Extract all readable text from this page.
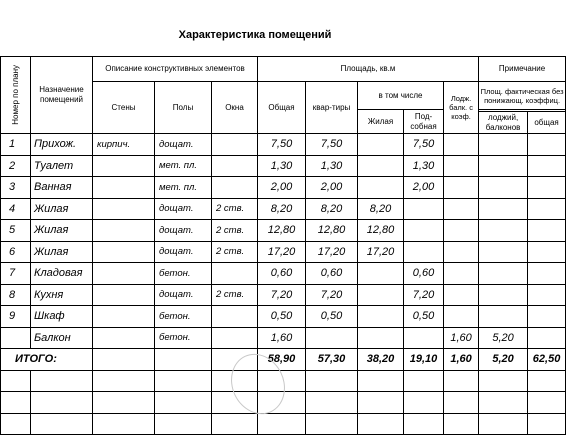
Характеристика помещений
Номер по плану	Назначение помещений	Описание конструктивных элементов			Площадь, кв.м					Примечание	
		Стены	Полы	Окна	Общая	квар-тиры	в том числе		Лодж. балк. с коэф.	Площ. фактическая без понижающ. коэффиц.	
							Жилая	Под-собная			
										лоджий, балконов	общая
1	Прихож.	кирпич.	дощат.		7,50	7,50		7,50			
2	Туалет		мет. пл.		1,30	1,30		1,30			
3	Ванная		мет. пл.		2,00	2,00		2,00			
4	Жилая		дощат.	2 ств.	8,20	8,20	8,20				
5	Жилая		дощат.	2 ств.	12,80	12,80	12,80				
6	Жилая		дощат.	2 ств.	17,20	17,20	17,20				
7	Кладовая		бетон.		0,60	0,60		0,60			
8	Кухня		дощат.	2 ств.	7,20	7,20		7,20			
9	Шкаф		бетон.		0,50	0,50		0,50			
	Балкон		бетон.		1,60				1,60	5,20	
ИТОГО:					58,90	57,30	38,20	19,10	1,60	5,20	62,50
